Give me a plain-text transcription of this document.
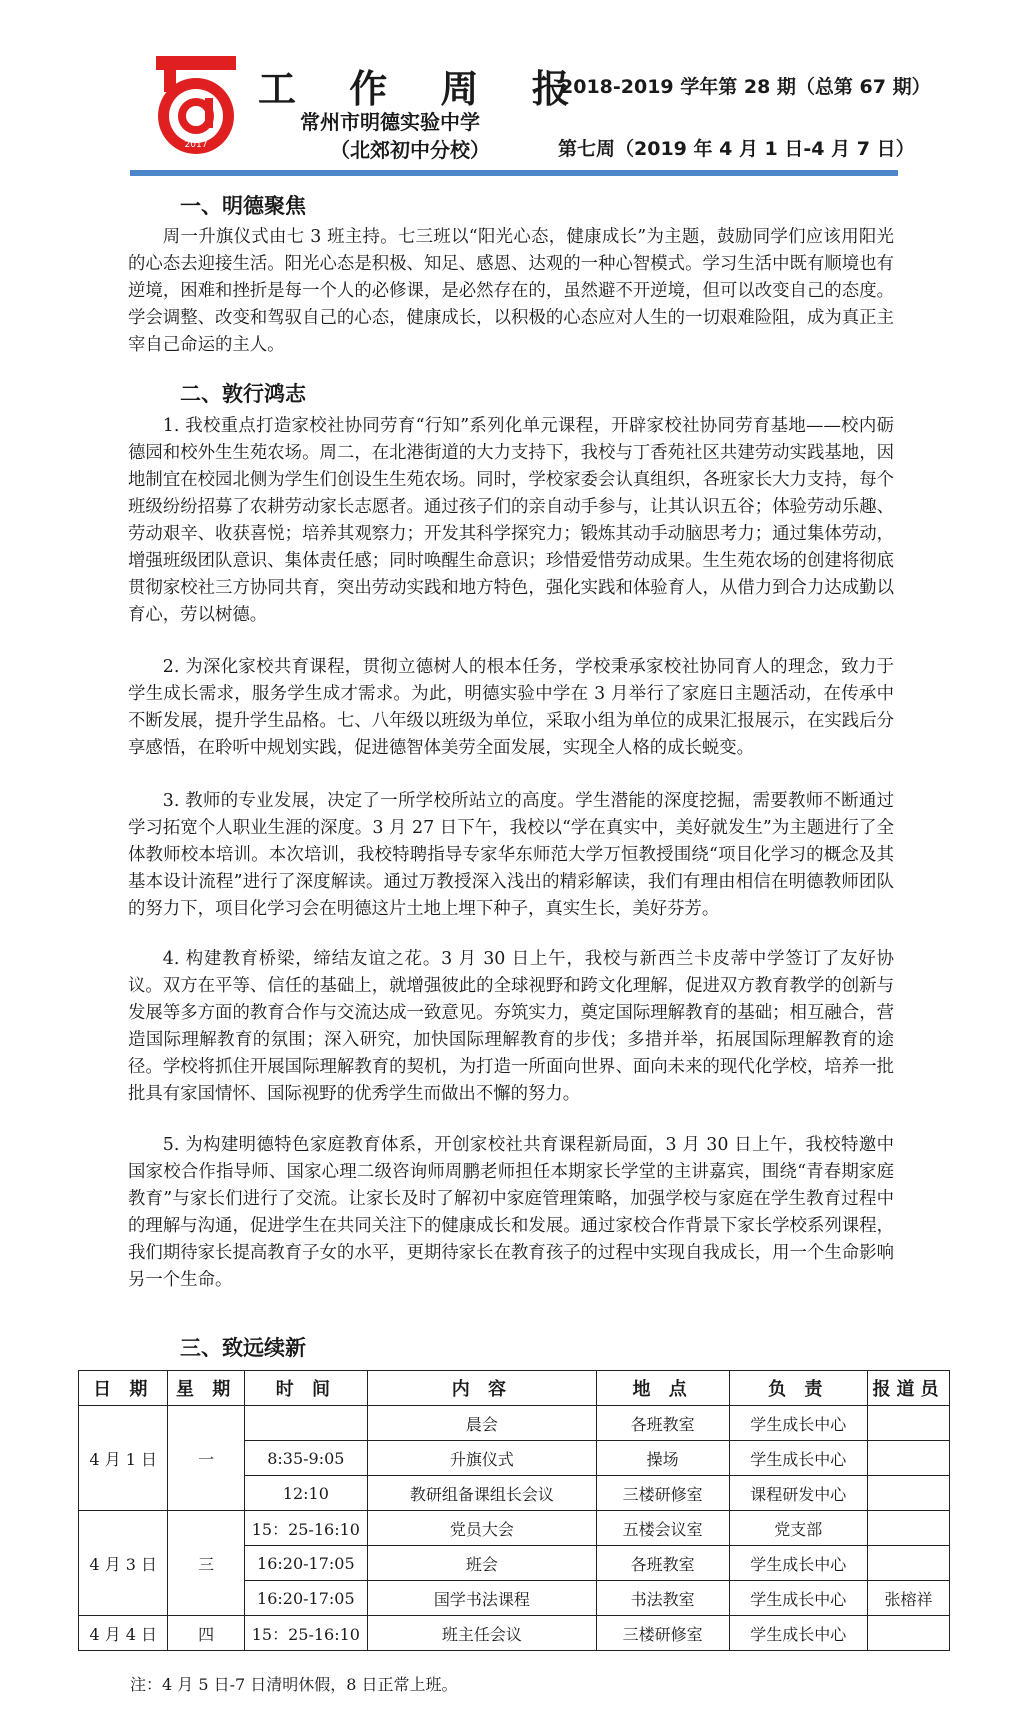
2017
工 作 周 报
2018-2019 学年第 28 期（总第 67 期）
常州市明德实验中学
（北郊初中分校）	第七周（2019 年 4 月 1 日-4 月 7 日）
一、明德聚焦

周一升旗仪式由七 3 班主持。七三班以“阳光心态，健康成长”为主题，鼓励同学们应该用阳光的心态去迎接生活。阳光心态是积极、知足、感恩、达观的一种心智模式。学习生活中既有顺境也有逆境，困难和挫折是每一个人的必修课，是必然存在的，虽然避不开逆境，但可以改变自己的态度。学会调整、改变和驾驭自己的心态，健康成长，以积极的心态应对人生的一切艰难险阻，成为真正主宰自己命运的主人。

二、敦行鸿志

1. 我校重点打造家校社协同劳育“行知”系列化单元课程，开辟家校社协同劳育基地——校内砺德园和校外生生苑农场。周二，在北港街道的大力支持下，我校与丁香苑社区共建劳动实践基地，因地制宜在校园北侧为学生们创设生生苑农场。同时，学校家委会认真组织，各班家长大力支持，每个班级纷纷招募了农耕劳动家长志愿者。通过孩子们的亲自动手参与，让其认识五谷；体验劳动乐趣、劳动艰辛、收获喜悦；培养其观察力；开发其科学探究力；锻炼其动手动脑思考力；通过集体劳动，增强班级团队意识、集体责任感；同时唤醒生命意识；珍惜爱惜劳动成果。生生苑农场的创建将彻底贯彻家校社三方协同共育，突出劳动实践和地方特色，强化实践和体验育人，从借力到合力达成勤以育心，劳以树德。

2. 为深化家校共育课程，贯彻立德树人的根本任务，学校秉承家校社协同育人的理念，致力于学生成长需求，服务学生成才需求。为此，明德实验中学在 3 月举行了家庭日主题活动，在传承中不断发展，提升学生品格。七、八年级以班级为单位，采取小组为单位的成果汇报展示，在实践后分享感悟，在聆听中规划实践，促进德智体美劳全面发展，实现全人格的成长蜕变。

3. 教师的专业发展，决定了一所学校所站立的高度。学生潜能的深度挖掘，需要教师不断通过学习拓宽个人职业生涯的深度。3 月 27 日下午，我校以“学在真实中，美好就发生”为主题进行了全体教师校本培训。本次培训，我校特聘指导专家华东师范大学万恒教授围绕“项目化学习的概念及其基本设计流程”进行了深度解读。通过万教授深入浅出的精彩解读，我们有理由相信在明德教师团队的努力下，项目化学习会在明德这片土地上埋下种子，真实生长，美好芬芳。

4. 构建教育桥梁，缔结友谊之花。3 月 30 日上午，我校与新西兰卡皮蒂中学签订了友好协议。双方在平等、信任的基础上，就增强彼此的全球视野和跨文化理解，促进双方教育教学的创新与发展等多方面的教育合作与交流达成一致意见。夯筑实力，奠定国际理解教育的基础；相互融合，营造国际理解教育的氛围；深入研究，加快国际理解教育的步伐；多措并举，拓展国际理解教育的途径。学校将抓住开展国际理解教育的契机，为打造一所面向世界、面向未来的现代化学校，培养一批批具有家国情怀、国际视野的优秀学生而做出不懈的努力。

5. 为构建明德特色家庭教育体系，开创家校社共育课程新局面，3 月 30 日上午，我校特邀中国家校合作指导师、国家心理二级咨询师周鹏老师担任本期家长学堂的主讲嘉宾，围绕“青春期家庭教育”与家长们进行了交流。让家长及时了解初中家庭管理策略，加强学校与家庭在学生教育过程中的理解与沟通，促进学生在共同关注下的健康成长和发展。通过家校合作背景下家长学校系列课程，我们期待家长提高教育子女的水平，更期待家长在教育孩子的过程中实现自我成长，用一个生命影响另一个生命。

三、致远续新
日 期	星 期	时 间	内 容	地 点	负 责	报道员
4 月 1 日	一		晨会	各班教室	学生成长中心	
		8:35-9:05	升旗仪式	操场	学生成长中心	
		12:10	教研组备课组长会议	三楼研修室	课程研发中心	
4 月 3 日	三	15：25-16:10	党员大会	五楼会议室	党支部	
		16:20-17:05	班会	各班教室	学生成长中心	
		16:20-17:05	国学书法课程	书法教室	学生成长中心	张榕祥
4 月 4 日	四	15：25-16:10	班主任会议	三楼研修室	学生成长中心	
注：4 月 5 日-7 日清明休假，8 日正常上班。
